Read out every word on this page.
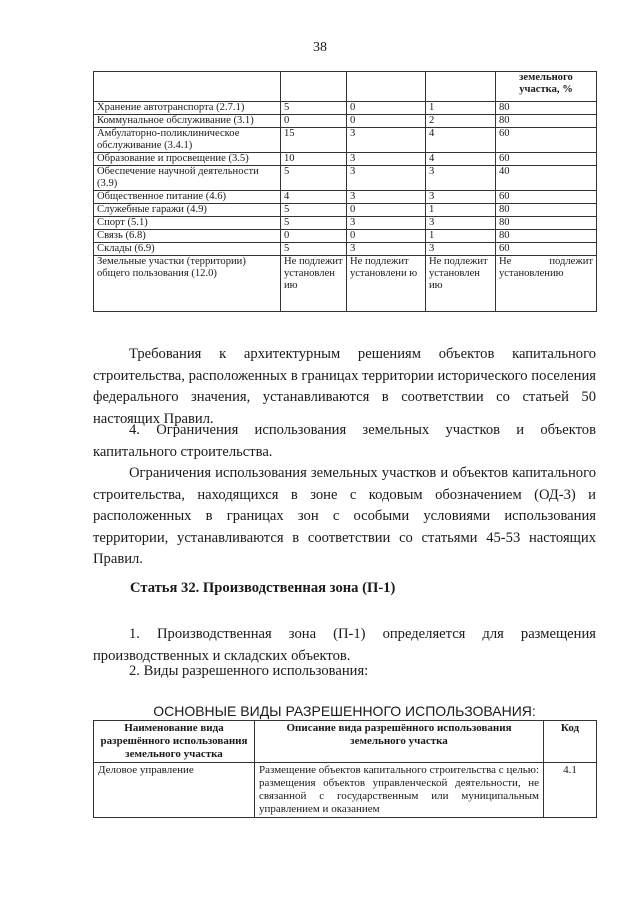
38
				земельного участка, %
Хранение автотранспорта (2.7.1)	5	0	1	80
Коммунальное обслуживание (3.1)	0	0	2	80
Амбулаторно-поликлиническое обслуживание (3.4.1)	15	3	4	60
Образование и просвещение (3.5)	10	3	4	60
Обеспечение научной деятельности (3.9)	5	3	3	40
Общественное питание (4.6)	4	3	3	60
Служебные гаражи (4.9)	5	0	1	80
Спорт (5.1)	5	3	3	80
Связь (6.8)	0	0	1	80
Склады (6.9)	5	3	3	60
Земельные участки (территории) общего пользования (12.0)	Не подлежит установлен ию	Не подлежит установлени ю	Не подлежит установлен ию	Не подлежит установлению

Требования к архитектурным решениям объектов капитального строительства, расположенных в границах территории исторического поселения федерального значения, устанавливаются в соответствии со статьей 50 настоящих Правил.

4. Ограничения использования земельных участков и объектов капитального строительства.

Ограничения использования земельных участков и объектов капитального строительства, находящихся в зоне с кодовым обозначением (ОД-3) и расположенных в границах зон с особыми условиями использования территории, устанавливаются в соответствии со статьями 45-53 настоящих Правил.

Статья 32. Производственная зона (П-1)

1. Производственная зона (П-1) определяется для размещения производственных и складских объектов.

2. Виды разрешенного использования:

ОСНОВНЫЕ ВИДЫ РАЗРЕШЕННОГО ИСПОЛЬЗОВАНИЯ:
Наименование вида разрешённого использования земельного участка	Описание вида разрешённого использования земельного участка	Код
Деловое управление	Размещение объектов капитального строительства с целью: размещения объектов управленческой деятельности, не связанной с государственным или муниципальным управлением и оказанием	4.1
